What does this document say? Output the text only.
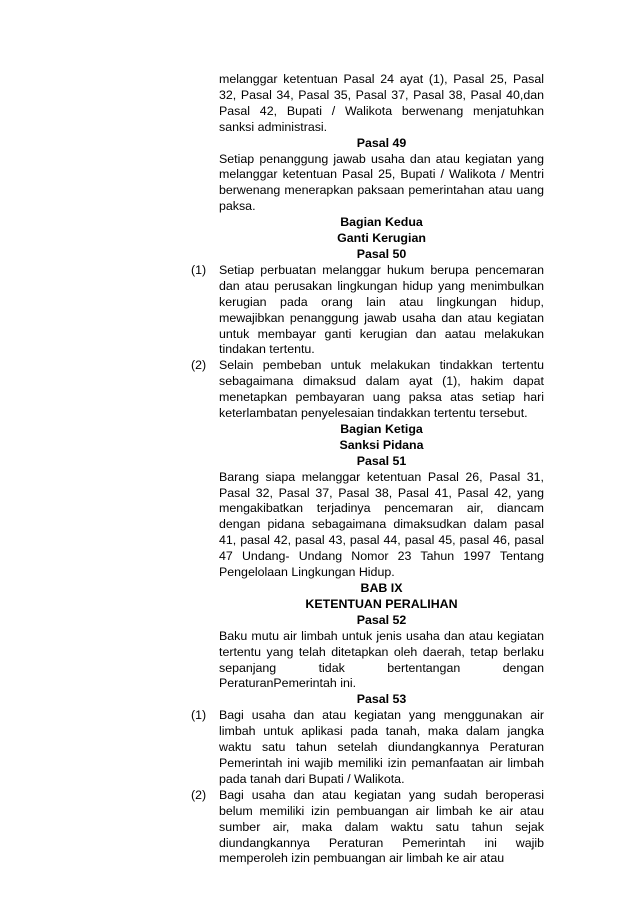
melanggar ketentuan Pasal 24 ayat (1), Pasal 25, Pasal 32, Pasal 34, Pasal 35, Pasal 37, Pasal 38, Pasal 40,dan Pasal 42, Bupati / Walikota berwenang menjatuhkan sanksi administrasi.

Pasal 49

Setiap penanggung jawab usaha dan atau kegiatan yang melanggar ketentuan Pasal 25, Bupati / Walikota / Mentri berwenang menerapkan paksaan pemerintahan atau uang paksa.

Bagian Kedua

Ganti Kerugian

Pasal 50

(1) Setiap perbuatan melanggar hukum berupa pencemaran dan atau perusakan lingkungan hidup yang menimbulkan kerugian pada orang lain atau lingkungan hidup, mewajibkan penanggung jawab usaha dan atau kegiatan untuk membayar ganti kerugian dan aatau melakukan tindakan tertentu.

(2) Selain pembeban untuk melakukan tindakkan tertentu sebagaimana dimaksud dalam ayat (1), hakim dapat menetapkan pembayaran uang paksa atas setiap hari keterlambatan penyelesaian tindakkan tertentu tersebut.

Bagian Ketiga

Sanksi Pidana

Pasal 51

Barang siapa melanggar ketentuan Pasal 26, Pasal 31, Pasal 32, Pasal 37, Pasal 38, Pasal 41, Pasal 42, yang mengakibatkan terjadinya pencemaran air, diancam dengan pidana sebagaimana dimaksudkan dalam pasal 41, pasal 42, pasal 43, pasal 44, pasal 45, pasal 46, pasal 47 Undang- Undang Nomor 23 Tahun 1997 Tentang Pengelolaan Lingkungan Hidup.

BAB IX

KETENTUAN PERALIHAN

Pasal 52

Baku mutu air limbah untuk jenis usaha dan atau kegiatan tertentu yang telah ditetapkan oleh daerah, tetap berlaku sepanjang tidak bertentangan dengan PeraturanPemerintah ini.

Pasal 53

(1) Bagi usaha dan atau kegiatan yang menggunakan air limbah untuk aplikasi pada tanah, maka dalam jangka waktu satu tahun setelah diundangkannya Peraturan Pemerintah ini wajib memiliki izin pemanfaatan air limbah pada tanah dari Bupati / Walikota.

(2) Bagi usaha dan atau kegiatan yang sudah beroperasi belum memiliki izin pembuangan air limbah ke air atau sumber air, maka dalam waktu satu tahun sejak diundangkannya Peraturan Pemerintah ini wajib memperoleh izin pembuangan air limbah ke air atau
